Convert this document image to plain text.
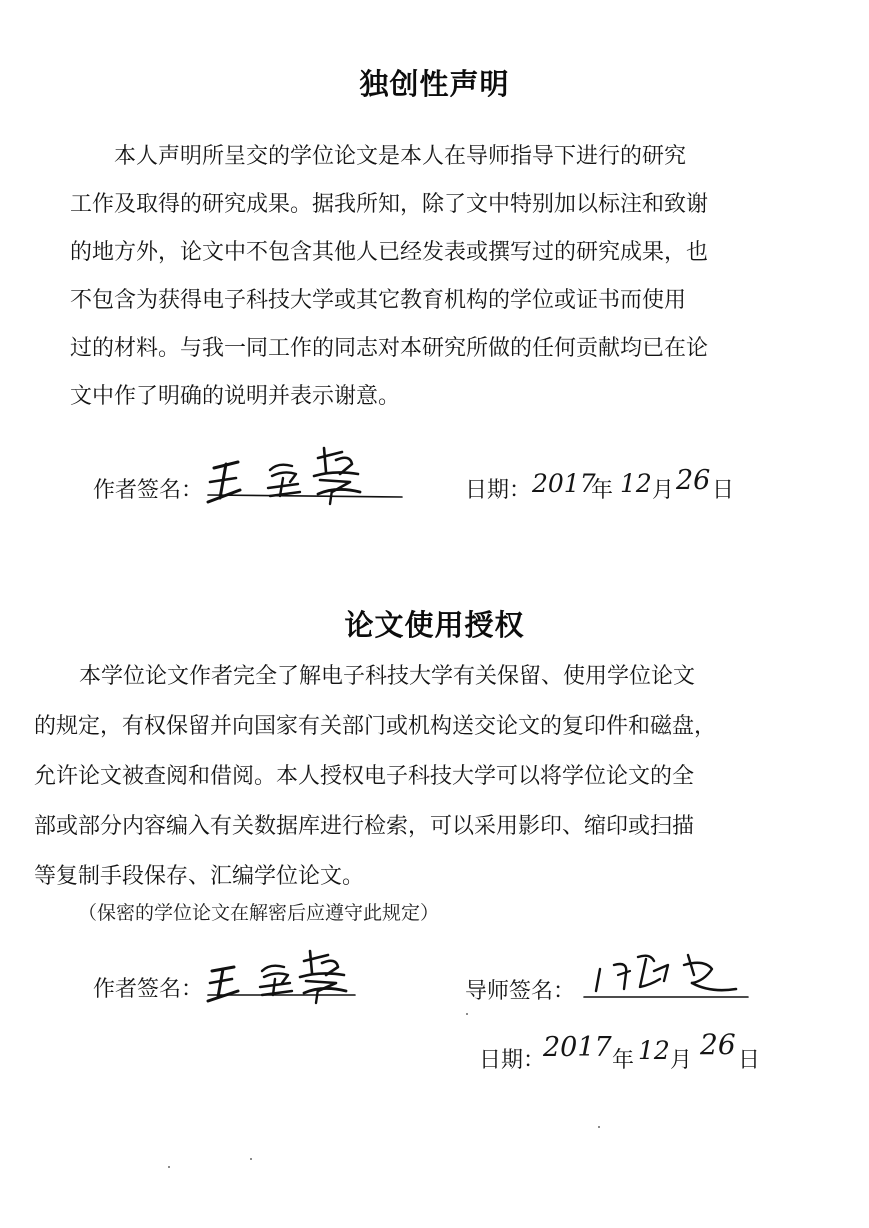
独创性声明
本人声明所呈交的学位论文是本人在导师指导下进行的研究
工作及取得的研究成果。据我所知，除了文中特别加以标注和致谢
的地方外，论文中不包含其他人已经发表或撰写过的研究成果，也
不包含为获得电子科技大学或其它教育机构的学位或证书而使用
过的材料。与我一同工作的同志对本研究所做的任何贡献均已在论
文中作了明确的说明并表示谢意。
作者签名：	日期： 2017
年 12 月 26 日
论文使用授权
本学位论文作者完全了解电子科技大学有关保留、使用学位论文
的规定，有权保留并向国家有关部门或机构送交论文的复印件和磁盘，
允许论文被查阅和借阅。本人授权电子科技大学可以将学位论文的全
部或部分内容编入有关数据库进行检索，可以采用影印、缩印或扫描
等复制手段保存、汇编学位论文。
（保密的学位论文在解密后应遵守此规定）
作者签名：	导师签名：
日期：
2017 年 12 月 26 日
